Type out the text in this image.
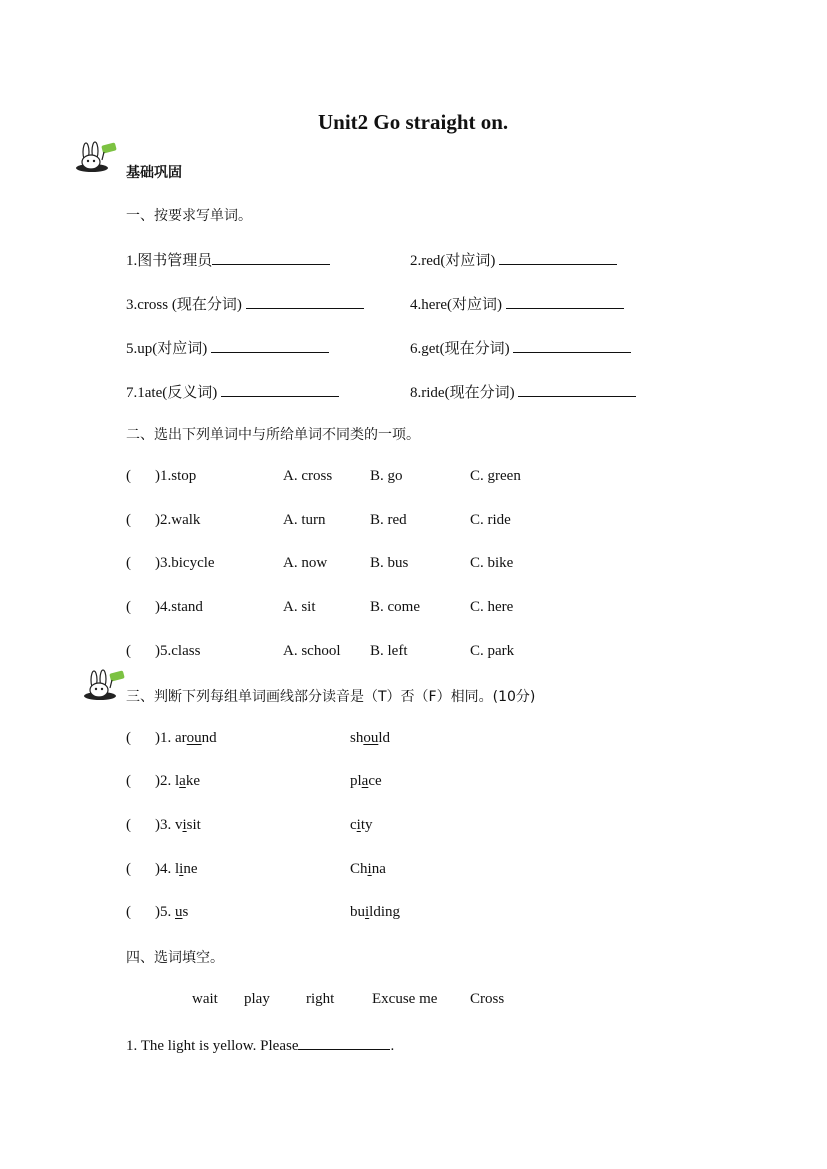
Unit2 Go straight on.
基础巩固
一、按要求写单词。
1.图书管理员	2.red(对应词)
3.cross (现在分词)	4.here(对应词)
5.up(对应词)	6.get(现在分词)
7.1ate(反义词)	8.ride(现在分词)
二、选出下列单词中与所给单词不同类的一项。
( )1.stop	A. cross	B. go	C. green
( )2.walk	A. turn	B. red	C. ride
( )3.bicycle	A. now	B. bus	C. bike
( )4.stand	A. sit	B. come	C. here
( )5.class	A. school B. left	C. park
三、判断下列每组单词画线部分读音是（T）否（F）相同。(10分)
( )1. around	should
( )2. lake	place
( )3. visit	city
( )4. line	China
( )5. us	building
四、选词填空。
wait play right	Excuse me Cross
1. The light is yellow. Please	.
